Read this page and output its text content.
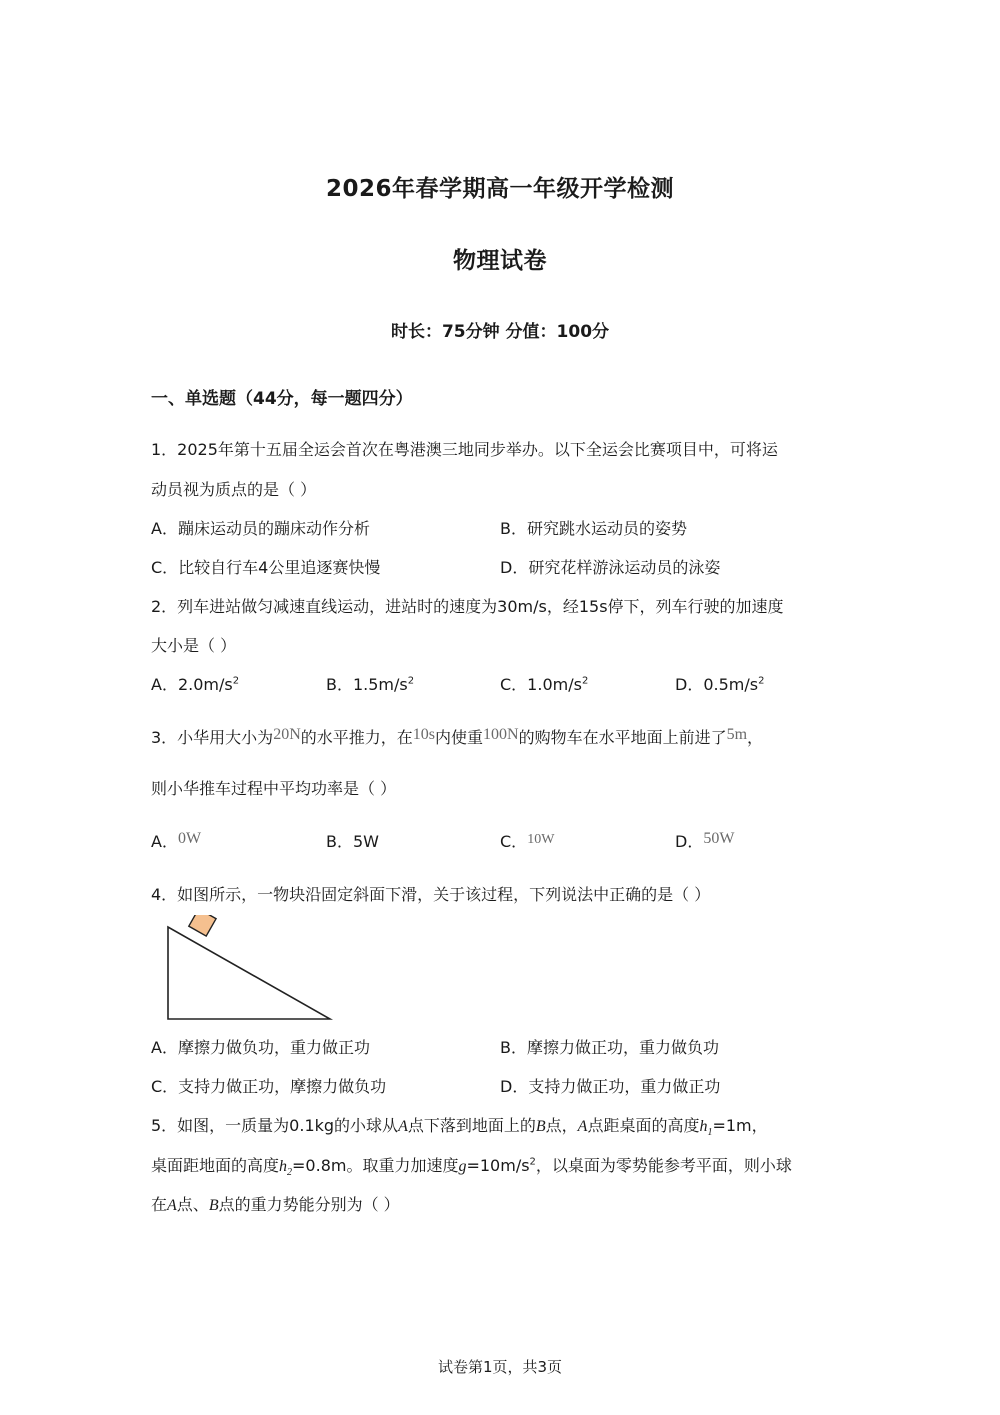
2026年春学期高一年级开学检测
物理试卷
时长：75分钟 分值：100分
一、单选题（44分，每一题四分）
1．2025年第十五届全运会首次在粤港澳三地同步举办。以下全运会比赛项目中，可将运
动员视为质点的是（ ）
A．蹦床运动员的蹦床动作分析	B．研究跳水运动员的姿势
C．比较自行车4公里追逐赛快慢	D．研究花样游泳运动员的泳姿
2．列车进站做匀减速直线运动，进站时的速度为30m/s，经15s停下，列车行驶的加速度
大小是（ ）
A．$2.0m/s^2$	B．$1.5m/s^2$	C．$1.0m/s^2$	D．$0.5m/s^2$
3．小华用大小为20N的水平推力，在10s内使重100N的购物车在水平地面上前进了5m，
则小华推车过程中平均功率是（ ）
A．0W	B．5W	C．10W	D．50W
4．如图所示，一物块沿固定斜面下滑，关于该过程，下列说法中正确的是（ ）
A．摩擦力做负功，重力做正功	B．摩擦力做正功，重力做负功
C．支持力做正功，摩擦力做负功	D．支持力做正功，重力做正功
5．如图，一质量为0.1kg的小球从A点下落到地面上的B点，A点距桌面的高度$h_1=1m$，
桌面距地面的高度$h_2=0.8m$。取重力加速度$g=10m/s^2$，以桌面为零势能参考平面，则小球
在A点、B点的重力势能分别为（ ）
试卷第1页，共3页
